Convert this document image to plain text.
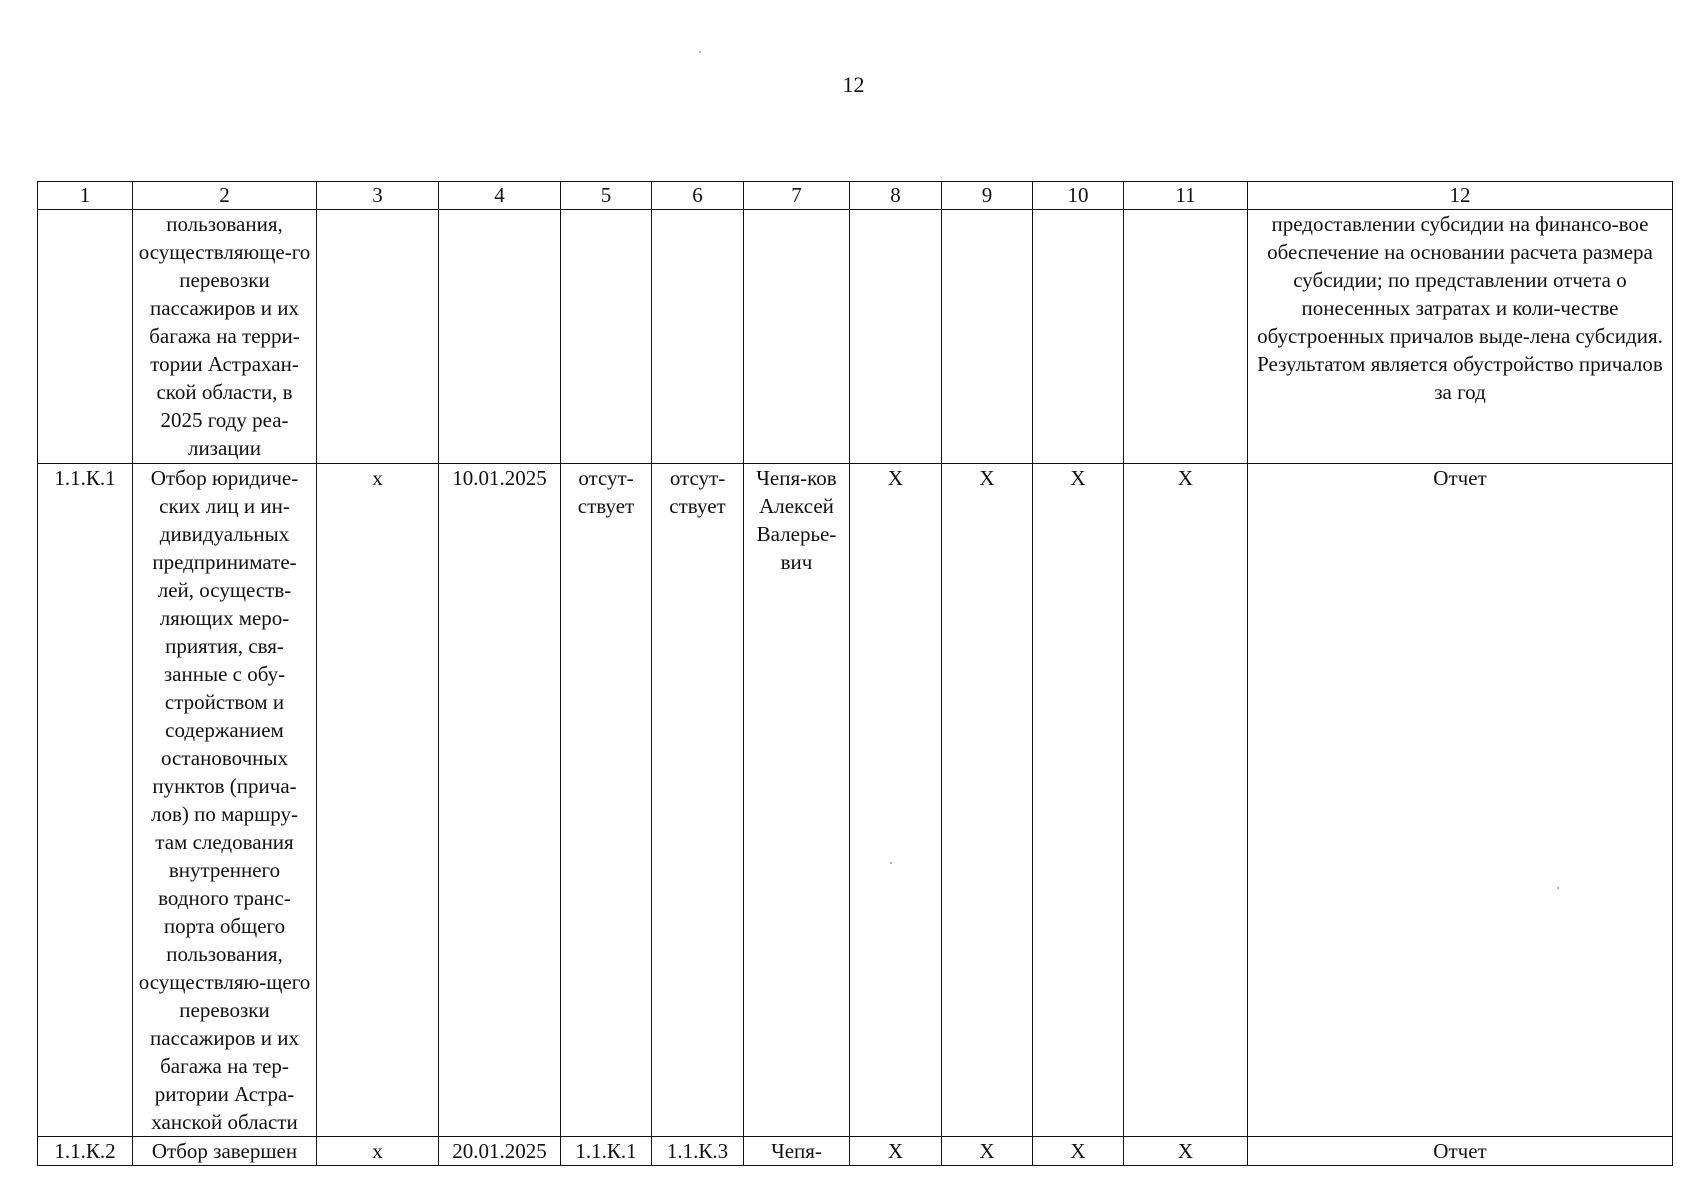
12
1	2	3	4	5	6	7	8	9	10	11	12
	пользования, осуществляюще-го перевозки пассажиров и их багажа на терри-тории Астрахан-ской области, в 2025 году реа-лизации										предоставлении субсидии на финансо-вое обеспечение на основании расчета размера субсидии; по представлении отчета о понесенных затратах и коли-честве обустроенных причалов выде-лена субсидия. Результатом является обустройство причалов за год
1.1.К.1	Отбор юридиче-ских лиц и ин-дивидуальных предпринимате-лей, осуществ-ляющих меро-приятия, свя-занные с обу-стройством и содержанием остановочных пунктов (прича-лов) по маршру-там следования внутреннего водного транс-порта общего пользования, осуществляю-щего перевозки пассажиров и их багажа на тер-ритории Астра-ханской области	х	10.01.2025	отсут-ствует	отсут-ствует	Чепя-ков Алексей Валерье-вич	X	X	X	X	Отчет
1.1.К.2	Отбор завершен	х	20.01.2025	1.1.К.1	1.1.К.3	Чепя-	X	X	X	X	Отчет
